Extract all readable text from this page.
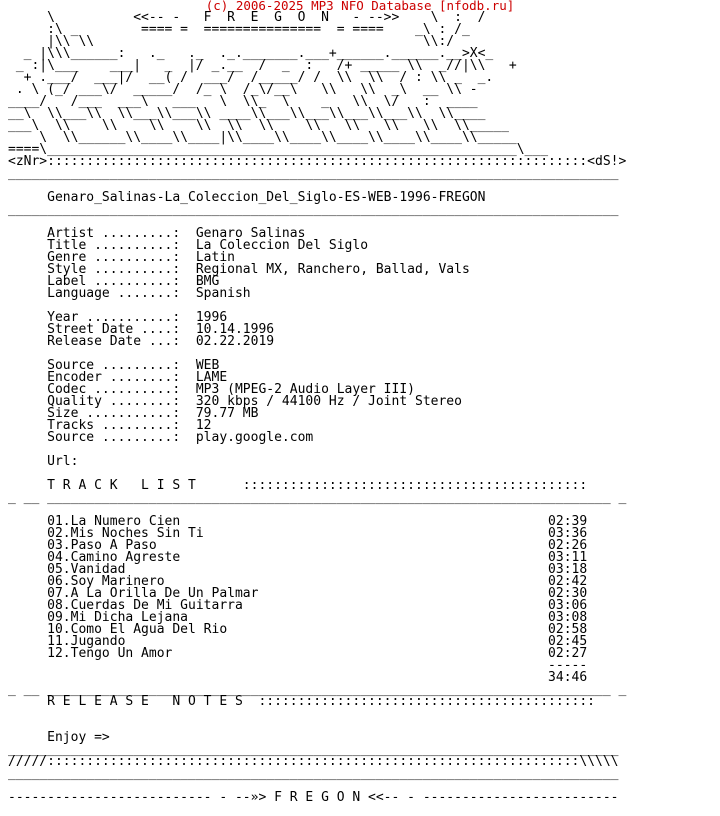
(c) 2006-2025 MP3 NFO Database [nfodb.ru]
\          <<-- -   F  R  E  G  O  N   - -->>    \  :  /
:\ _        ==== =  ===============  = ====    _\ : /_
|\\ \\                                          \\:/
_ |\\\______:   ._   ._  ._._______.___+______.______.__>X<_
_ :|\___    ___|   _  |/ _.__  /  _  :   /+ _____ \\  _//|\\   +
+ .___/  ___|/  __( /  ___/  /_____/ /  \\  \\  / : \\ _  _.
. \ (_/ ___\/  _____/  /_ \  /_\/__\   \\   \\  _\  __ \\ -
____/   /___  ___\   ___   \  \\_  \    _   \\  \/   :  ____
__\  \\___\\  \\___\\___\\ ____\\___\\___\\___\\___\\  \\____
___\  \\    \\    \\    \\  \\  \\    \\   \\   \\   \\  \\_____
\  \\______\\____\\____|\\____\\____\\____\\____\\____\\_____
====\____________________________________________________________\___
<zNr>:::::::::::::::::::::::::::::::::::::::::::::::::::::::::::::::::::::<dS!>
______________________________________________________________________________

Genaro_Salinas-La_Coleccion_Del_Siglo-ES-WEB-1996-FREGON
______________________________________________________________________________

Artist .........:  Genaro Salinas
Title ..........:  La Coleccion Del Siglo
Genre ..........:  Latin
Style ..........:  Regional MX, Ranchero, Ballad, Vals
Label ..........:  BMG
Language .......:  Spanish

Year ...........:  1996
Street Date ....:  10.14.1996
Release Date ...:  02.22.2019

Source .........:  WEB
Encoder ........:  LAME
Codec ..........:  MP3 (MPEG-2 Audio Layer III)
Quality ........:  320 kbps / 44100 Hz / Joint Stereo
Size ...........:  79.77 MB
Tracks .........:  12
Source .........:  play.google.com

Url:

T R A C K   L I S T      ::::::::::::::::::::::::::::::::::::::::::::
_ __ ________________________________________________________________________ _

01.La Numero Cien                                               02:39
02.Mis Noches Sin Ti                                            03:36
03.Paso A Paso                                                  02:26
04.Camino Agreste                                               03:11
05.Vanidad                                                      03:18
06.Soy Marinero                                                 02:42
07.A La Orilla De Un Palmar                                     02:30
08.Cuerdas De Mi Guitarra                                       03:06
09.Mi Dicha Lejana                                              03:08
10.Como El Agua Del Rio                                         02:58
11.Jugando                                                      02:45
12.Tengo Un Amor                                                02:27
-----
34:46
_ __ ________________________________________________________________________ _
R E L E A S E   N O T E S  :::::::::::::::::::::::::::::::::::::::::::

Enjoy =>
______________________________________________________________________________
/////::::::::::::::::::::::::::::::::::::::::::::::::::::::::::::::::::::\\\\\
______________________________________________________________________________

-------------------------- - --»> F R E G O N <<-- - -------------------------
